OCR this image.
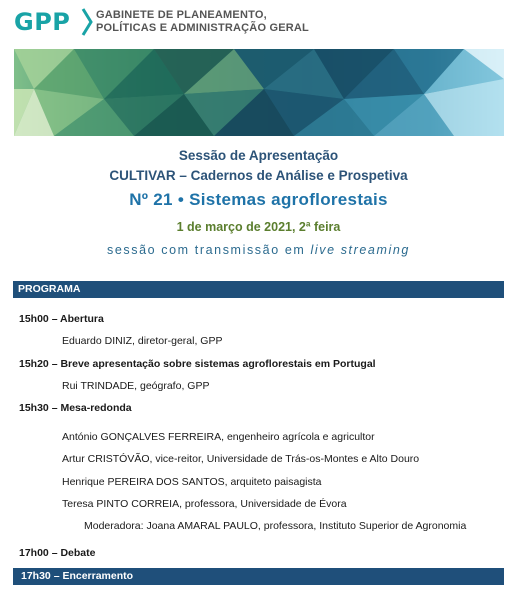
GPP GABINETE DE PLANEAMENTO,
POLÍTICAS E ADMINISTRAÇÃO GERAL
Sessão de Apresentação
CULTIVAR – Cadernos de Análise e Prospetiva
Nº 21 • Sistemas agroflorestais
1 de março de 2021, 2ª feira
sessão com transmissão em live streaming
PROGRAMA
15h00 – Abertura
Eduardo DINIZ, diretor-geral, GPP
15h20 – Breve apresentação sobre sistemas agroflorestais em Portugal
Rui TRINDADE, geógrafo, GPP
15h30 – Mesa-redonda
António GONÇALVES FERREIRA, engenheiro agrícola e agricultor
Artur CRISTÓVÃO, vice-reitor, Universidade de Trás-os-Montes e Alto Douro
Henrique PEREIRA DOS SANTOS, arquiteto paisagista
Teresa PINTO CORREIA, professora, Universidade de Évora
Moderadora: Joana AMARAL PAULO, professora, Instituto Superior de Agronomia
17h00 – Debate
17h30 – Encerramento
